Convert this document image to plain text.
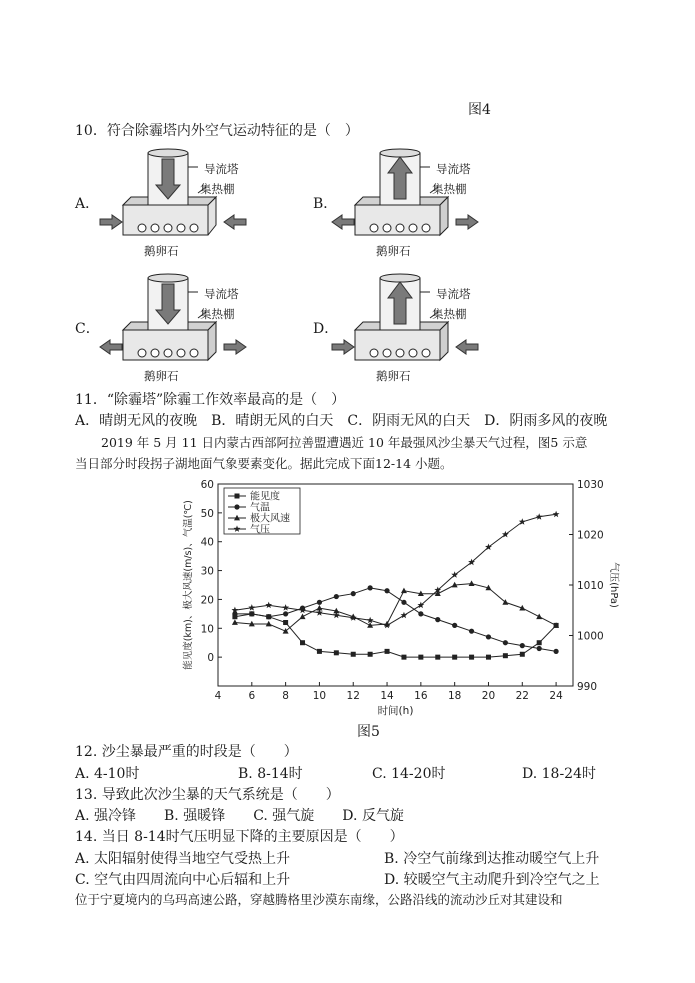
图4
10．符合除霾塔内外空气运动特征的是（　）
A．	B．
C．	D．
导流塔
集热棚
鹅卵石
导流塔
集热棚
鹅卵石
导流塔
集热棚
鹅卵石
导流塔
集热棚
鹅卵石
11．“除霾塔”除霾工作效率最高的是（　）
A．晴朗无风的夜晚　B．晴朗无风的白天　C．阴雨无风的白天　D．阴雨多风的夜晚
2019 年 5 月 11 日内蒙古西部阿拉善盟遭遇近 10 年最强风沙尘暴天气过程，图5 示意
当日部分时段拐子湖地面气象要素变化。据此完成下面12-14 小题。
4	6	8 10 12 14 16 18 20 22 24
0
10
20
30
40
50
60
990
1000
1010
1020
1030
时间(h)
能见度(km)、极大风速(m/s)、气温(℃)	气压(hPa)
能见度
气温
极大风速
气压
图5
12. 沙尘暴最严重的时段是（　　）
A. 4-10时	B. 8-14时	C. 14-20时	D. 18-24时
13. 导致此次沙尘暴的天气系统是（　　）
A. 强冷锋　　B. 强暖锋　　C. 强气旋　　D. 反气旋
14. 当日 8-14时气压明显下降的主要原因是（　　）
A. 太阳辐射使得当地空气受热上升	B. 冷空气前缘到达推动暖空气上升
C. 空气由四周流向中心后辐和上升	D. 较暖空气主动爬升到冷空气之上
位于宁夏境内的乌玛高速公路，穿越腾格里沙漠东南缘，公路沿线的流动沙丘对其建设和
